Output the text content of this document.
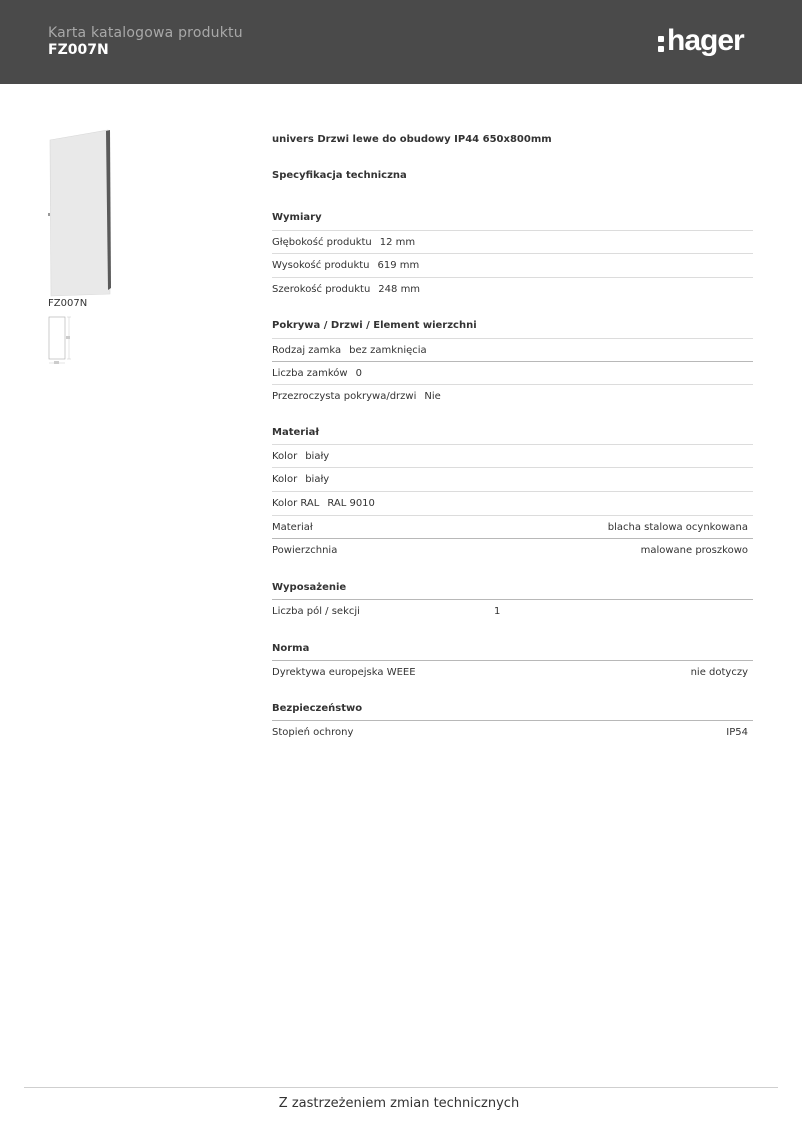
Karta katalogowa produktu
FZ007N	hager
FZ007N
univers Drzwi lewe do obudowy IP44 650x800mm
Specyfikacja techniczna
Wymiary
Głębokość produktu 12 mm
Wysokość produktu 619 mm
Szerokość produktu 248 mm
Pokrywa / Drzwi / Element wierzchni
Rodzaj zamka bez zamknięcia
Liczba zamków 0
Przezroczysta pokrywa/drzwi Nie
Materiał
Kolor biały
Kolor biały
Kolor RAL RAL 9010
Materiał	blacha stalowa ocynkowana
Powierzchnia	malowane proszkowo
Wyposażenie
Liczba pól / sekcji	1
Norma
Dyrektywa europejska WEEE	nie dotyczy
Bezpieczeństwo
Stopień ochrony	IP54
Z zastrzeżeniem zmian technicznych
